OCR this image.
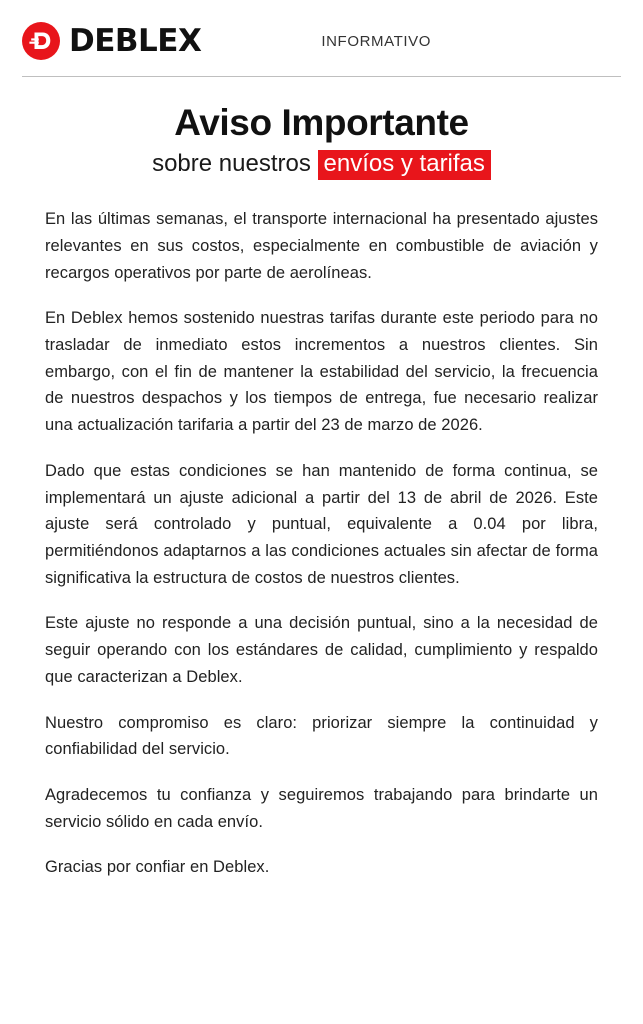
DEBLEX	INFORMATIVO
Aviso Importante
sobre nuestros envíos y tarifas

En las últimas semanas, el transporte internacional ha presentado ajustes relevantes en sus costos, especialmente en combustible de aviación y recargos operativos por parte de aerolíneas.

En Deblex hemos sostenido nuestras tarifas durante este periodo para no trasladar de inmediato estos incrementos a nuestros clientes. Sin embargo, con el fin de mantener la estabilidad del servicio, la frecuencia de nuestros despachos y los tiempos de entrega, fue necesario realizar una actualización tarifaria a partir del 23 de marzo de 2026.

Dado que estas condiciones se han mantenido de forma continua, se implementará un ajuste adicional a partir del 13 de abril de 2026. Este ajuste será controlado y puntual, equivalente a 0.04 por libra, permitiéndonos adaptarnos a las condiciones actuales sin afectar de forma significativa la estructura de costos de nuestros clientes.

Este ajuste no responde a una decisión puntual, sino a la necesidad de seguir operando con los estándares de calidad, cumplimiento y respaldo que caracterizan a Deblex.

Nuestro compromiso es claro: priorizar siempre la continuidad y confiabilidad del servicio.

Agradecemos tu confianza y seguiremos trabajando para brindarte un servicio sólido en cada envío.

Gracias por confiar en Deblex.
